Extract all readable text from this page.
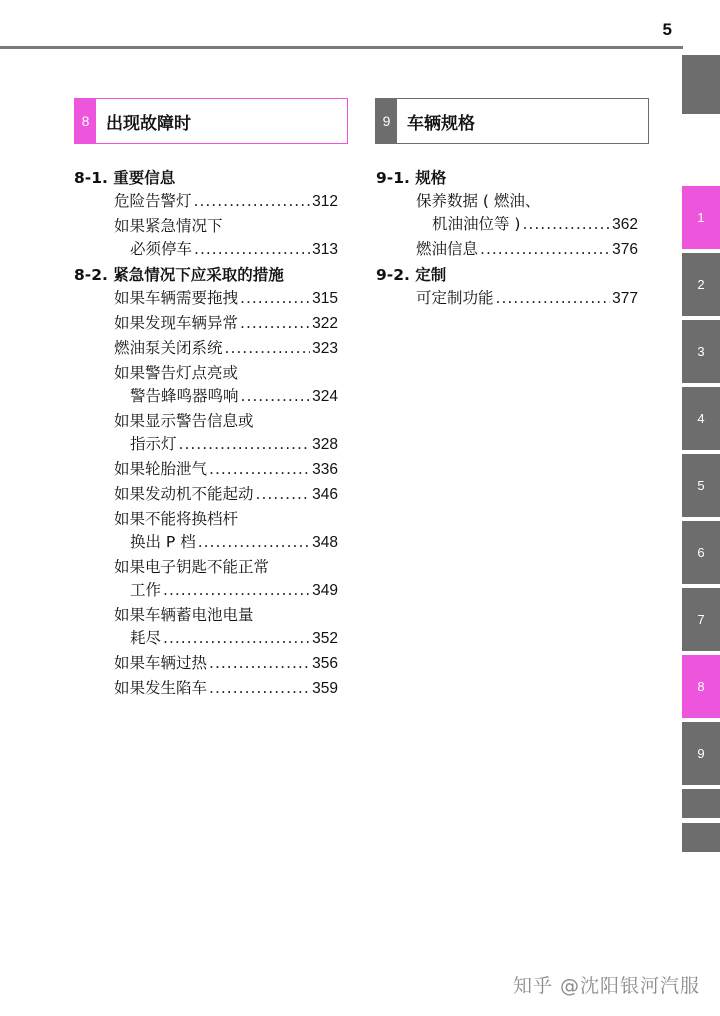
5
8 出现故障时	9 车辆规格
8-1. 重要信息
危险告警灯 .....	312
如果紧急情况下
必须停车 .....	313
8-2. 紧急情况下应采取的措施
如果车辆需要拖拽 .....	315
如果发现车辆异常 .....	322
燃油泵关闭系统 .....	323
如果警告灯点亮或
警告蜂鸣器鸣响 .....	324
如果显示警告信息或
指示灯 .....	328
如果轮胎泄气 .....	336
如果发动机不能起动 .....	346
如果不能将换档杆
换出 P 档 .....	348
如果电子钥匙不能正常
工作 .....	349
如果车辆蓄电池电量
耗尽 .....	352
如果车辆过热 .....	356
如果发生陷车 .....	359
9-1. 规格
保养数据 ( 燃油、
机油油位等 ) .....	362
燃油信息 .....	376
9-2. 定制
可定制功能 .....	377
1
2
3
4
5
6
7
8
9
知乎 @沈阳银河汽服
